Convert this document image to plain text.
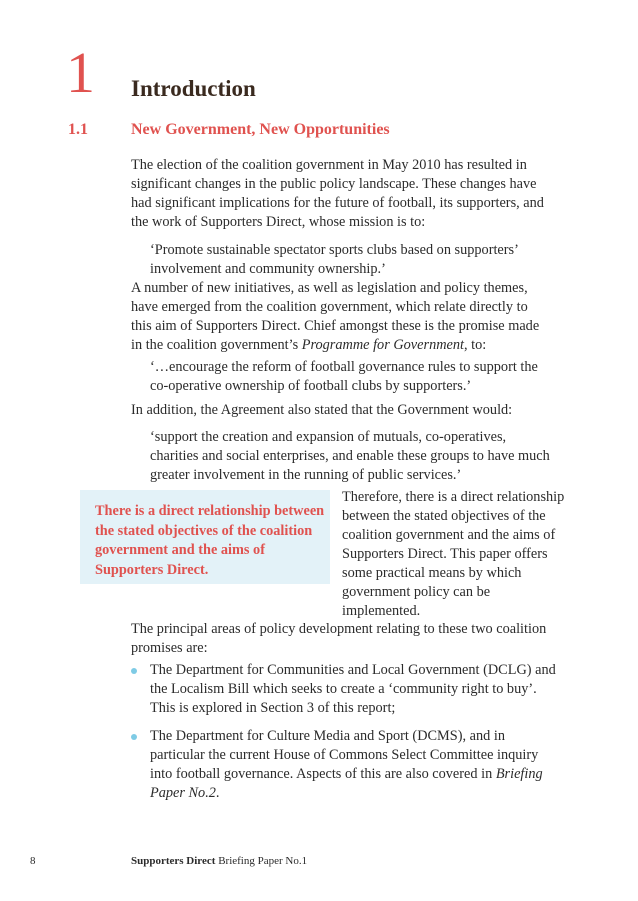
1 Introduction
1.1	New Government, New Opportunities

The election of the coalition government in May 2010 has resulted in significant changes in the public policy landscape. These changes have had significant implications for the future of football, its supporters, and the work of Supporters Direct, whose mission is to:

‘Promote sustainable spectator sports clubs based on supporters’ involvement and community ownership.’

A number of new initiatives, as well as legislation and policy themes, have emerged from the coalition government, which relate directly to this aim of Supporters Direct. Chief amongst these is the promise made in the coalition government’s Programme for Government, to:

‘…encourage the reform of football governance rules to support the co-operative ownership of football clubs by supporters.’

In addition, the Agreement also stated that the Government would:

‘support the creation and expansion of mutuals, co-operatives, charities and social enterprises, and enable these groups to have much greater involvement in the running of public services.’

There is a direct relationship between the stated objectives of the coalition government and the aims of Supporters Direct.
Therefore, there is a direct relationship between the stated objectives of the coalition government and the aims of Supporters Direct. This paper offers some practical means by which government policy can be implemented.

The principal areas of policy development relating to these two coalition promises are:

The Department for Communities and Local Government (DCLG) and the Localism Bill which seeks to create a ‘community right to buy’. This is explored in Section 3 of this report;
The Department for Culture Media and Sport (DCMS), and in particular the current House of Commons Select Committee inquiry into football governance. Aspects of this are also covered in Briefing Paper No.2.
8	Supporters Direct Briefing Paper No.1
